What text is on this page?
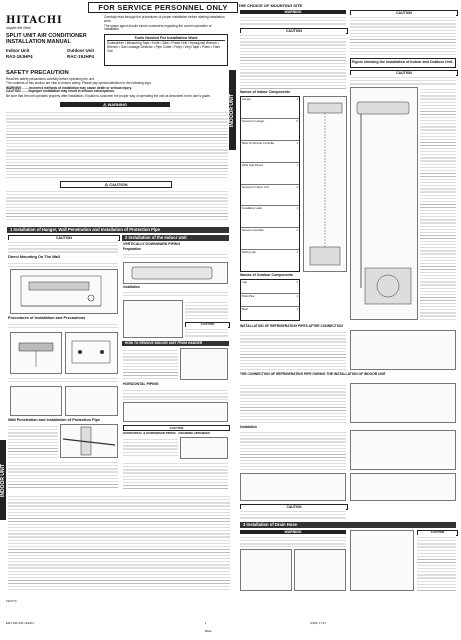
FOR SERVICE PERSONNEL ONLY
HITACHI
Inspire the Next
SPLIT UNIT AIR CONDITIONER
INSTALLATION MANUAL
Indoor Unit	Outdoor Unit
RAS-19JHP4	RAC-19JHP4
Carefully read through the procedures of proper installation before starting installation work.
The space agent should inform customers regarding the correct operation of installation.
Tools Needed For Installation Work
Screwdriver • Measuring Tape • Knife • Saw • Power Drill • Hexagonal Wrench • Wrench • Gas Leakage Detector • Pipe Cutter • Putty • Vinyl Tape • Pliers • Flare Tool
SAFETY PRECAUTION
Read the safety precautions carefully before operating the unit.
The contents of this section are vital to ensure safety. Please pay special attention to the following sign.
WARNING ....... Incorrect methods of installation may cause death or serious injury.
CAUTION ....... Improper installation may result in serious consequence.
Be sure that the unit operates properly after installation. Explain to customer the proper way of operating the unit as described in the user's guide.
⚠ WARNING
⚠ CAUTION
INDOOR UNIT
INDOOR UNIT
1 Installation of Hanger, Wall Penetration and Installation of Protection Pipe
CAUTION
Direct Mounting On The Wall
Procedures of Installation and Precautions
Wall Penetration and Installation of Protection Pipe
2 Installation of the Indoor Unit
VERTICALLY DOWNWARD PIPING
Preparation
Installation
CAUTION
HOW TO REMOVE INDOOR UNIT FROM HANGER
HORIZONTAL PIPING
CAUTION
HORIZONTAL & DOWNWARD PIPING - DRAINING OPENINGS
THE CHOICE OF MOUNTING SITE
WARNING
CAUTION
CAUTION
Names of Indoor Components
Hanger	1
Screws for Hanger	6
Bolts for Remote Controller	1
Wide Seal Pieces	1
Screws for Indoor Unit	2
Installation Label	1
Remote Controller	1
Putting Clip	1
Names of Outdoor Components
Cap	2
Drain Pipe	1
Bush	1
Figure showing the installation of Indoor and Outdoor Unit.
CAUTION
INSTALLATION OF REFRIGERATING PIPES AFTER CONNECTION
THE CONNECTION OF REFRIGERATING PIPE DURING THE INSTALLATION OF INDOOR UNIT
Installation
CAUTION
3 Installation of Drain Hose
WARNING	CAUTION
EM-1 RB HUD 19JHP4	1	2/3/06, 17:31
Black
1916773
